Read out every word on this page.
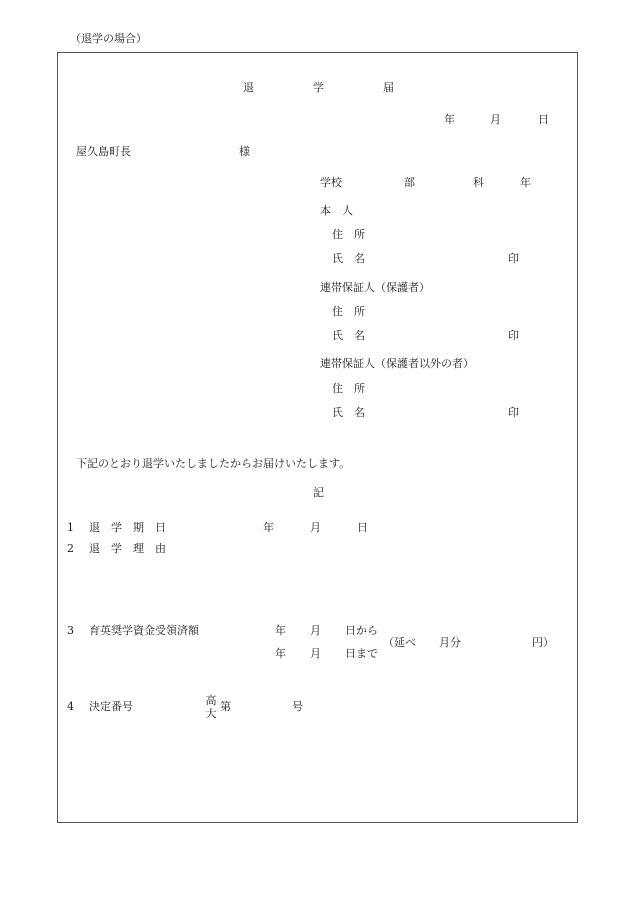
（退学の場合）
退	学	届
年	月	日
屋久島町長	様
学校	部	科	年
本　人
住　所
氏　名	印
連帯保証人（保護者）
住　所
氏　名	印
連帯保証人（保護者以外の者）
住　所
氏　名	印
下記のとおり退学いたしましたからお届けいたします。
記
1 退　学　期　日	年	月	日
2 退　学　理　由
3 育英奨学資金受領済額	年 月 日から
年 月 日まで
（延べ 月分	円）
4 決定番号	高大
第	号
